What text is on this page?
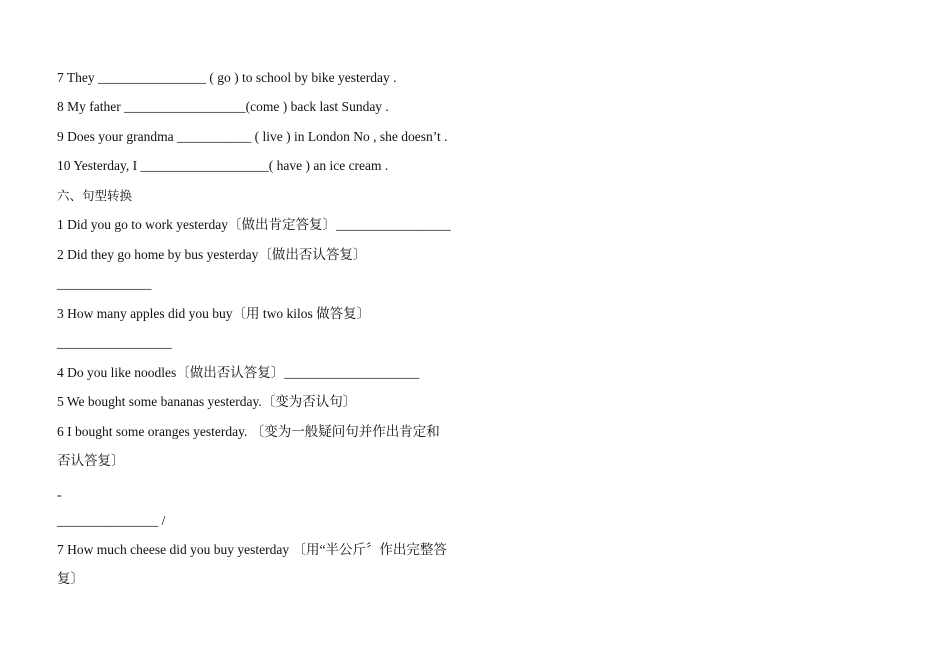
7 They ________________ ( go ) to school by bike yesterday .
8 My father __________________(come ) back last Sunday .
9 Does your grandma ___________ ( live ) in London No , she doesn’t .
10 Yesterday, I ___________________( have ) an ice cream .
六、句型转换
1 Did you go to work yesterday〔做出肯定答复〕_________________
2 Did they go home by bus yesterday〔做出否认答复〕
______________
3 How many apples did you buy〔用 two kilos 做答复〕
_________________
4 Do you like noodles〔做出否认答复〕____________________
5 We bought some bananas yesterday.〔变为否认句〕
6 I bought some oranges yesterday. 〔变为一般疑问句并作出肯定和
否认答复〕
-
_______________ /
7 How much cheese did you buy yesterday 〔用“半公斤〞作出完整答
复〕
